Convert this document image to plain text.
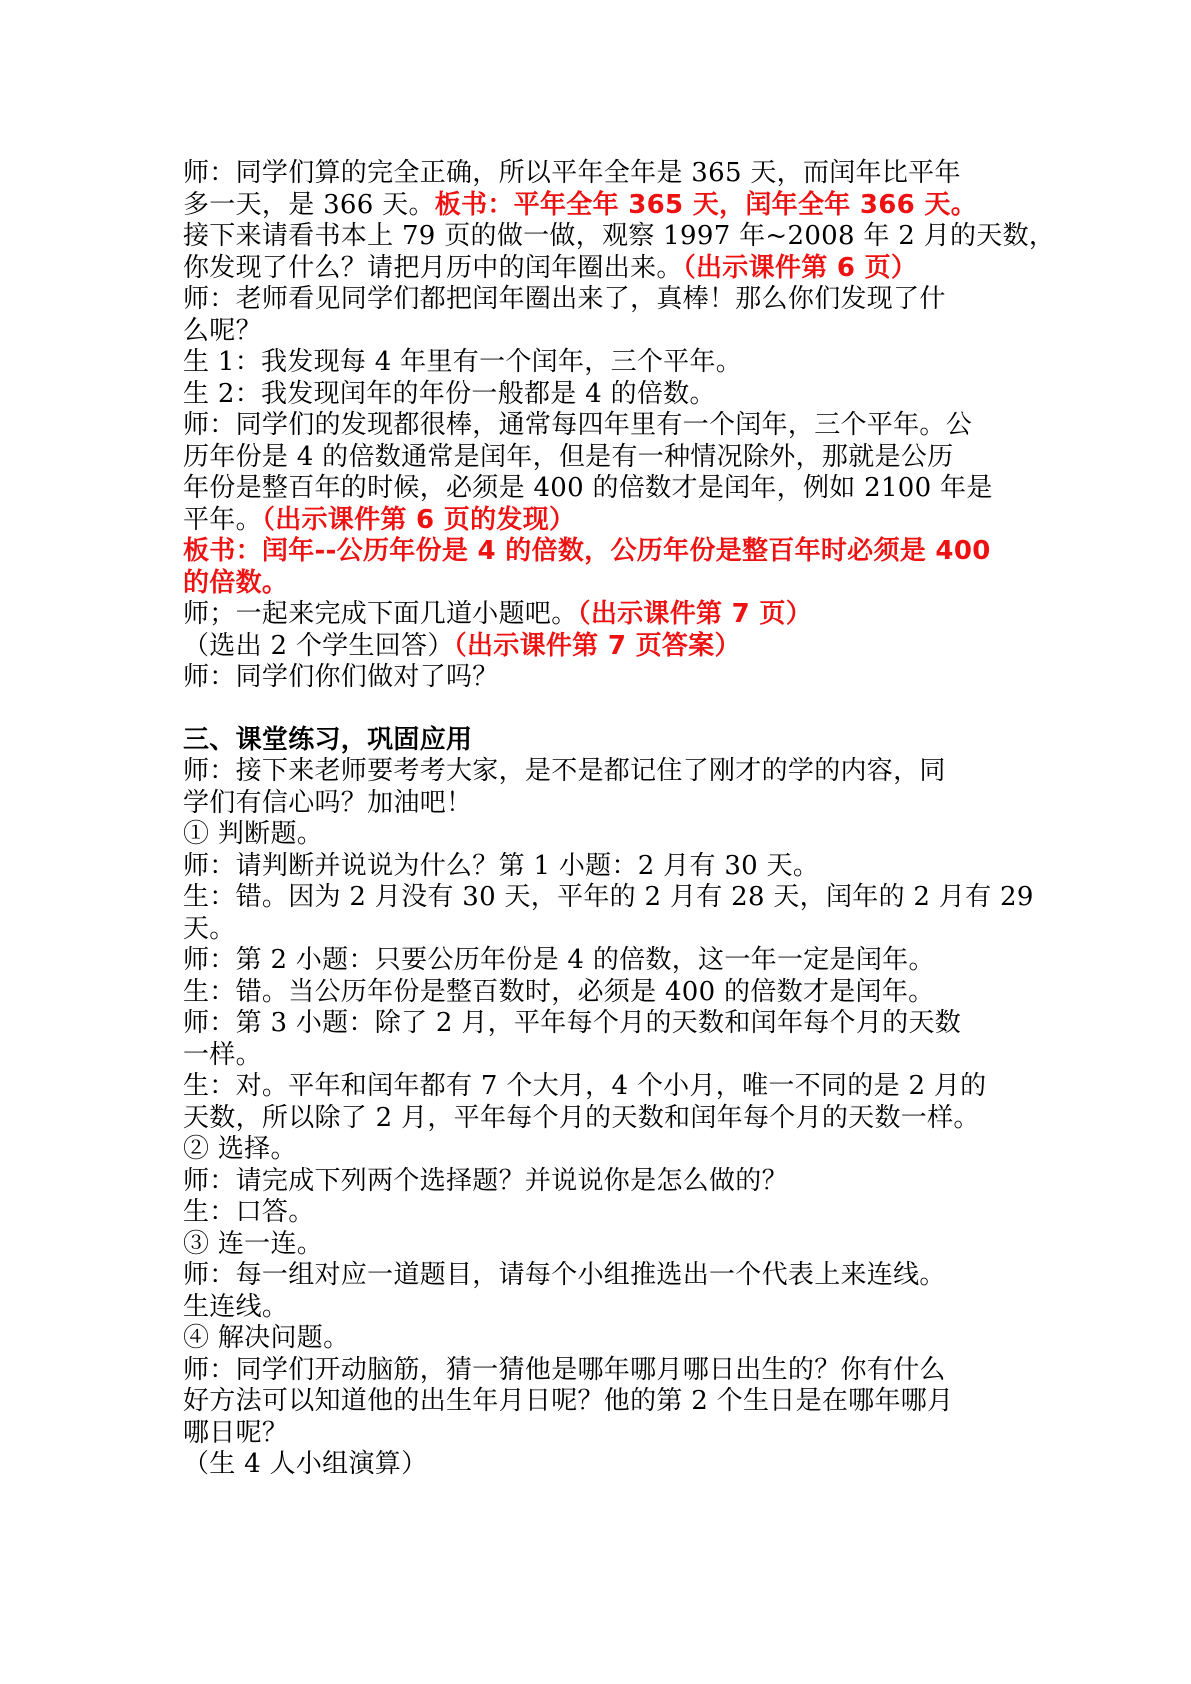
师：同学们算的完全正确，所以平年全年是 365 天，而闰年比平年
多一天，是 366 天。板书：平年全年 365 天，闰年全年 366 天。
接下来请看书本上 79 页的做一做，观察 1997 年~2008 年 2 月的天数，
你发现了什么？请把月历中的闰年圈出来。（出示课件第 6 页）
师：老师看见同学们都把闰年圈出来了，真棒！那么你们发现了什
么呢？
生 1：我发现每 4 年里有一个闰年，三个平年。
生 2：我发现闰年的年份一般都是 4 的倍数。
师：同学们的发现都很棒，通常每四年里有一个闰年，三个平年。公
历年份是 4 的倍数通常是闰年，但是有一种情况除外，那就是公历
年份是整百年的时候，必须是 400 的倍数才是闰年，例如 2100 年是
平年。（出示课件第 6 页的发现）
板书：闰年--公历年份是 4 的倍数，公历年份是整百年时必须是 400
的倍数。
师；一起来完成下面几道小题吧。（出示课件第 7 页）
（选出 2 个学生回答）（出示课件第 7 页答案）
师：同学们你们做对了吗？
三、课堂练习，巩固应用
师：接下来老师要考考大家，是不是都记住了刚才的学的内容，同
学们有信心吗？加油吧！
① 判断题。
师：请判断并说说为什么？第 1 小题：2 月有 30 天。
生：错。因为 2 月没有 30 天，平年的 2 月有 28 天，闰年的 2 月有 29
天。
师：第 2 小题：只要公历年份是 4 的倍数，这一年一定是闰年。
生：错。当公历年份是整百数时，必须是 400 的倍数才是闰年。
师：第 3 小题：除了 2 月，平年每个月的天数和闰年每个月的天数
一样。
生：对。平年和闰年都有 7 个大月，4 个小月，唯一不同的是 2 月的
天数，所以除了 2 月，平年每个月的天数和闰年每个月的天数一样。
② 选择。
师：请完成下列两个选择题？并说说你是怎么做的？
生：口答。
③ 连一连。
师：每一组对应一道题目，请每个小组推选出一个代表上来连线。
生连线。
④ 解决问题。
师：同学们开动脑筋，猜一猜他是哪年哪月哪日出生的？你有什么
好方法可以知道他的出生年月日呢？他的第 2 个生日是在哪年哪月
哪日呢？
（生 4 人小组演算）
